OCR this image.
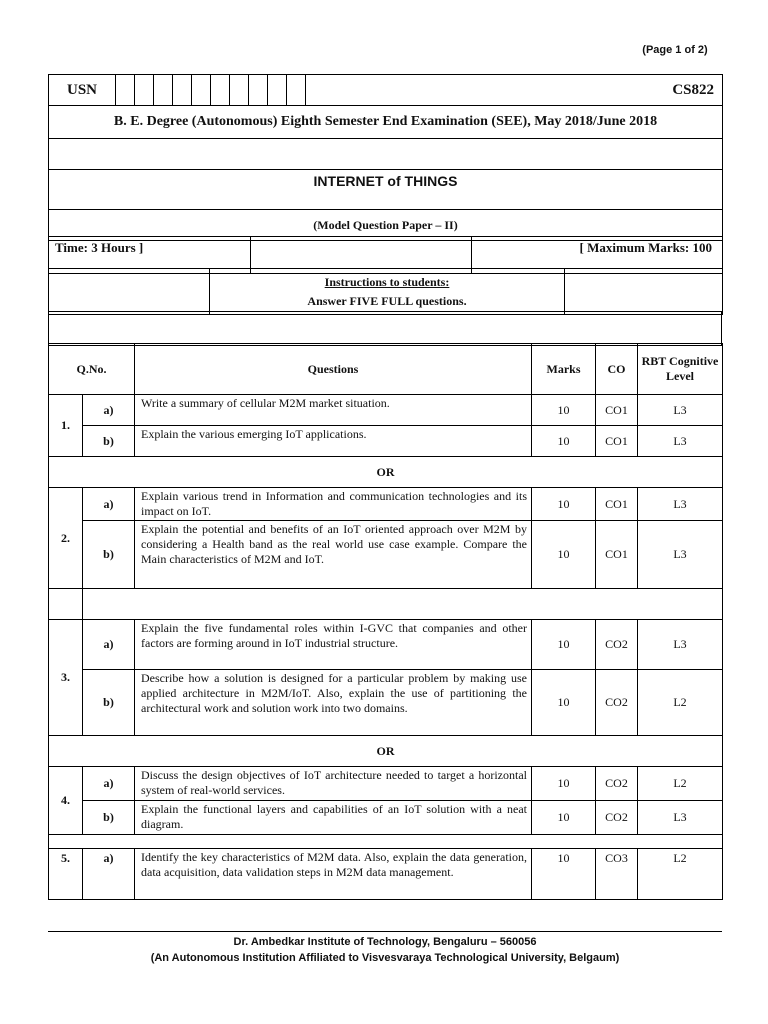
(Page 1 of 2)
USN											CS822
B. E. Degree (Autonomous) Eighth Semester End Examination (SEE), May 2018/June 2018

INTERNET of THINGS
(Model Question Paper – II)
Time: 3 Hours ]		[ Maximum Marks: 100

Instructions to students:
Answer FIVE FULL questions.

Q.No.		Questions	Marks	CO	RBT Cognitive Level
1.	a)	Write a summary of cellular M2M market situation.	10	CO1	L3
	b)	Explain the various emerging IoT applications.	10	CO1	L3
OR					
2.	a)	Explain various trend in Information and communication technologies and its impact on IoT.	10	CO1	L3
	b)	Explain the potential and benefits of an IoT oriented approach over M2M by considering a Health band as the real world use case example. Compare the Main characteristics of M2M and IoT.	10	CO1	L3

3.	a)	Explain the five fundamental roles within I-GVC that companies and other factors are forming around in IoT industrial structure.	10	CO2	L3
	b)	Describe how a solution is designed for a particular problem by making use applied architecture in M2M/IoT. Also, explain the use of partitioning the architectural work and solution work into two domains.	10	CO2	L2
OR					
4.	a)	Discuss the design objectives of IoT architecture needed to target a horizontal system of real-world services.	10	CO2	L2
	b)	Explain the functional layers and capabilities of an IoT solution with a neat diagram.	10	CO2	L3

5.	a)	Identify the key characteristics of M2M data. Also, explain the data generation, data acquisition, data validation steps in M2M data management.	10	CO3	L2
Dr. Ambedkar Institute of Technology, Bengaluru – 560056
(An Autonomous Institution Affiliated to Visvesvaraya Technological University, Belgaum)
